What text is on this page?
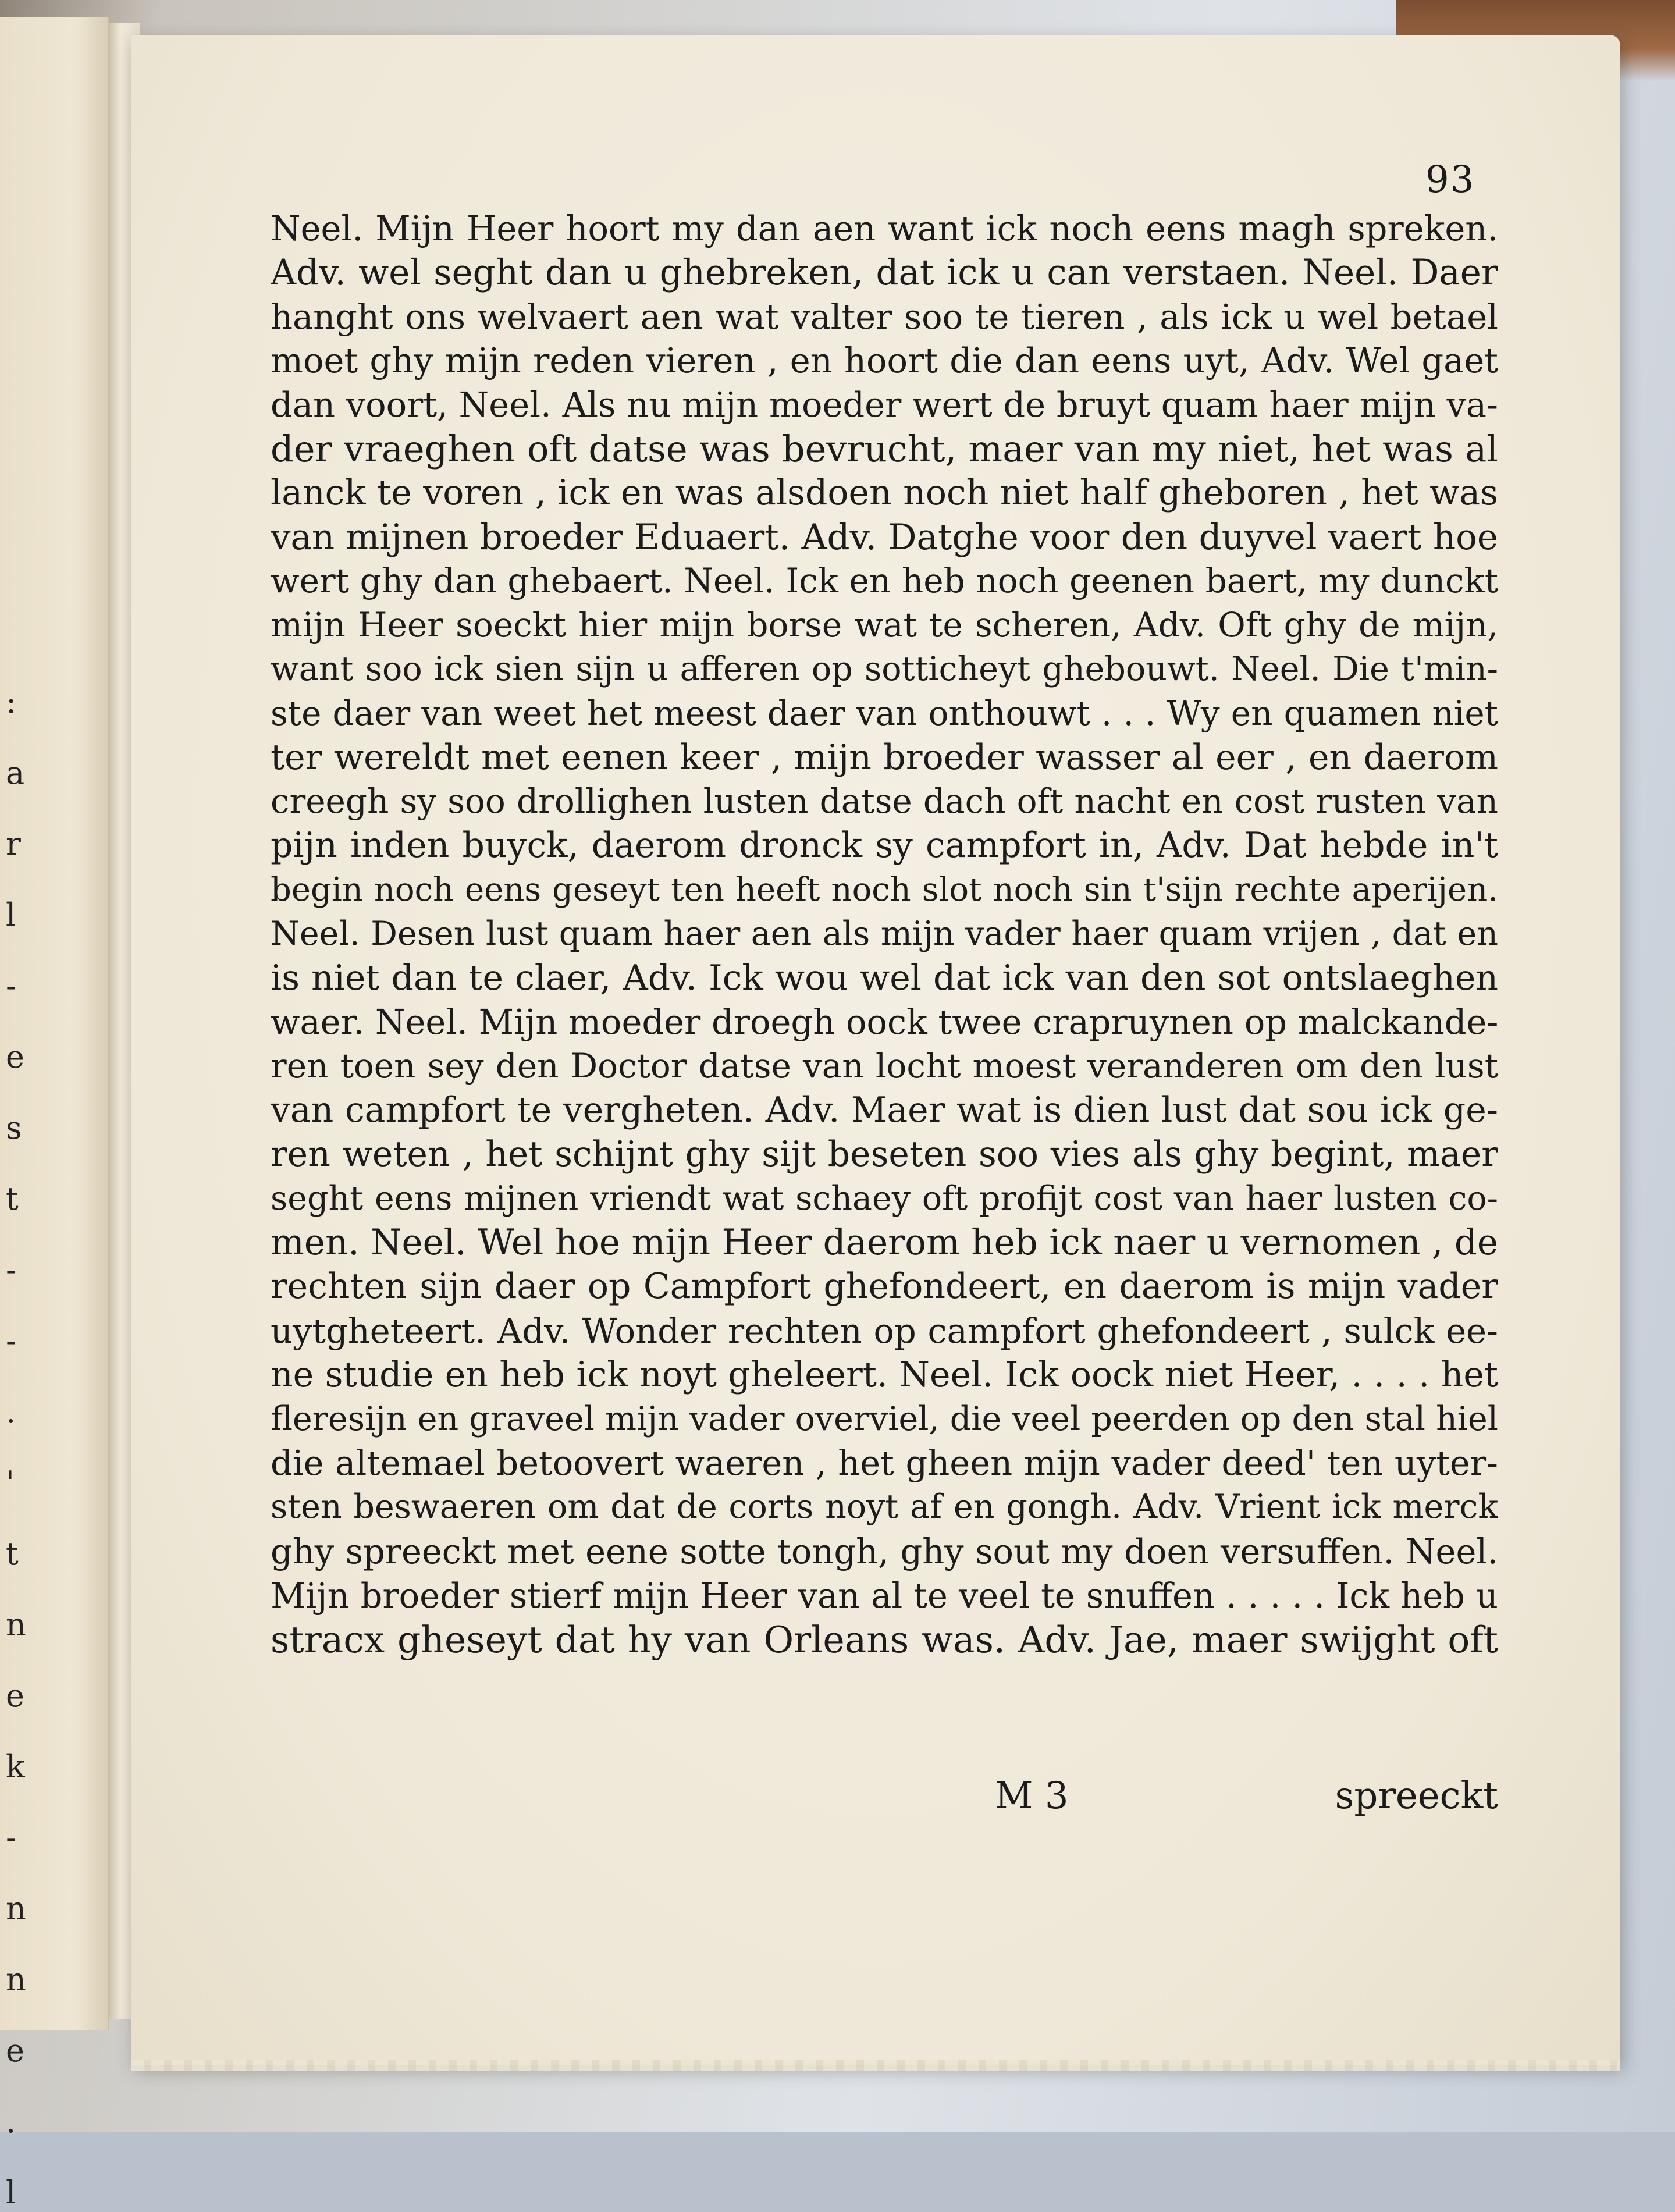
:
a
r
l
-
e
s
t
-
-
.
'
t
n
e
k
-
n
n
e
.
l
93

Neel. Mijn Heer hoort my dan aen want ick noch eens magh spreken.

Adv. wel seght dan u ghebreken, dat ick u can verstaen. Neel. Daer

hanght ons welvaert aen wat valter soo te tieren , als ick u wel betael

moet ghy mijn reden vieren , en hoort die dan eens uyt, Adv. Wel gaet

dan voort, Neel. Als nu mijn moeder wert de bruyt quam haer mijn va-

der vraeghen oft datse was bevrucht, maer van my niet, het was al

lanck te voren , ick en was alsdoen noch niet half gheboren , het was

van mijnen broeder Eduaert. Adv. Datghe voor den duyvel vaert hoe

wert ghy dan ghebaert. Neel. Ick en heb noch geenen baert, my dunckt

mijn Heer soeckt hier mijn borse wat te scheren, Adv. Oft ghy de mijn,

want soo ick sien sijn u afferen op sotticheyt ghebouwt. Neel. Die t'min-

ste daer van weet het meest daer van onthouwt . . . Wy en quamen niet

ter wereldt met eenen keer , mijn broeder wasser al eer , en daerom

creegh sy soo drollighen lusten datse dach oft nacht en cost rusten van

pijn inden buyck, daerom dronck sy campfort in, Adv. Dat hebde in't

begin noch eens geseyt ten heeft noch slot noch sin t'sijn rechte aperijen.

Neel. Desen lust quam haer aen als mijn vader haer quam vrijen , dat en

is niet dan te claer, Adv. Ick wou wel dat ick van den sot ontslaeghen

waer. Neel. Mijn moeder droegh oock twee crapruynen op malckande-

ren toen sey den Doctor datse van locht moest veranderen om den lust

van campfort te vergheten. Adv. Maer wat is dien lust dat sou ick ge-

ren weten , het schijnt ghy sijt beseten soo vies als ghy begint, maer

seght eens mijnen vriendt wat schaey oft profijt cost van haer lusten co-

men. Neel. Wel hoe mijn Heer daerom heb ick naer u vernomen , de

rechten sijn daer op Campfort ghefondeert, en daerom is mijn vader

uytgheteert. Adv. Wonder rechten op campfort ghefondeert , sulck ee-

ne studie en heb ick noyt gheleert. Neel. Ick oock niet Heer, . . . . het

fleresijn en graveel mijn vader overviel, die veel peerden op den stal hiel

die altemael betoovert waeren , het gheen mijn vader deed' ten uyter-

sten beswaeren om dat de corts noyt af en gongh. Adv. Vrient ick merck

ghy spreeckt met eene sotte tongh, ghy sout my doen versuffen. Neel.

Mijn broeder stierf mijn Heer van al te veel te snuffen . . . . . Ick heb u

stracx gheseyt dat hy van Orleans was. Adv. Jae, maer swijght oft

M 3	spreeckt
